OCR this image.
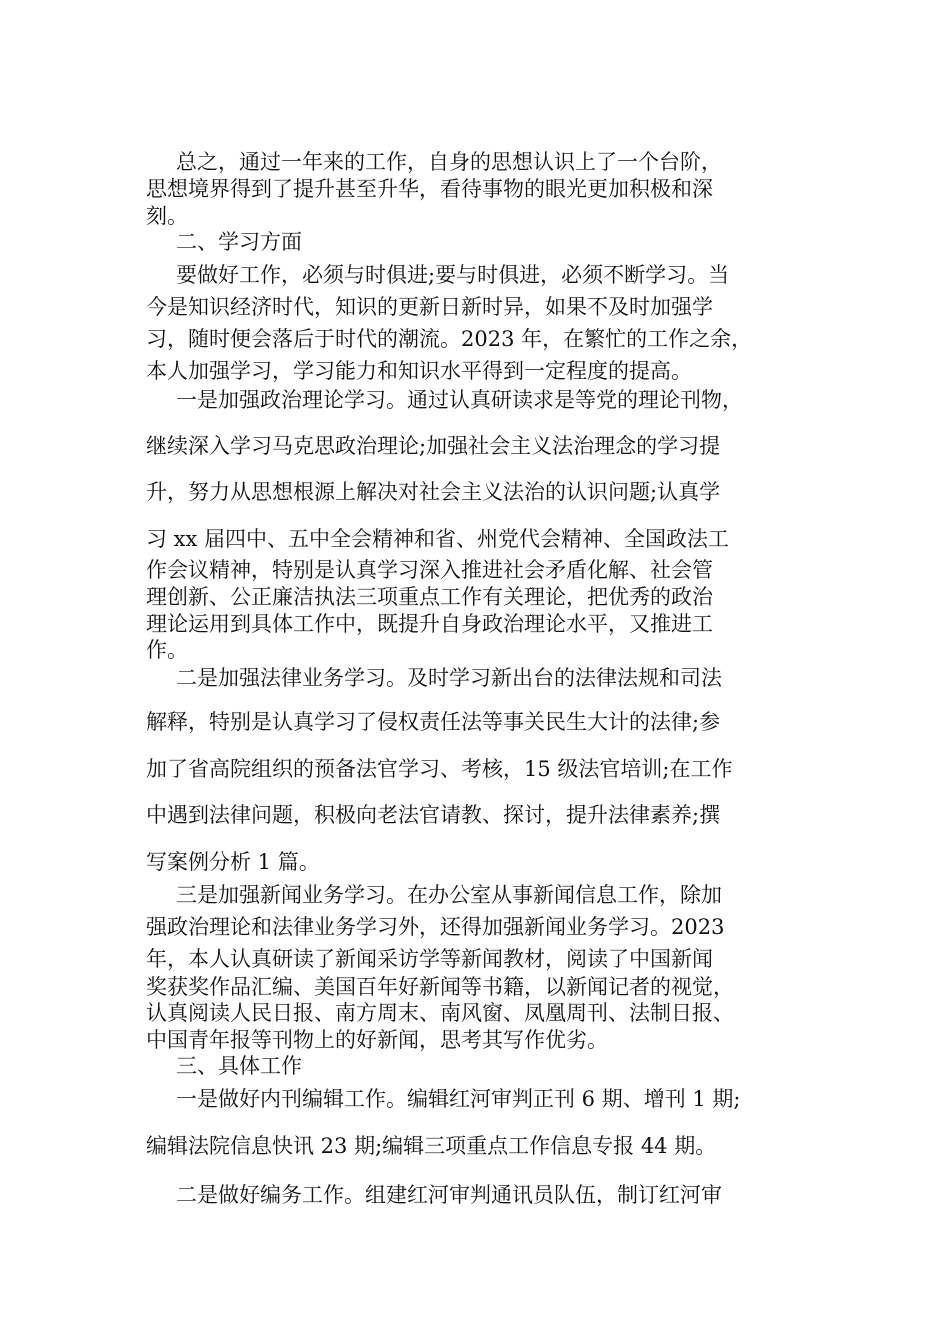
总之，通过一年来的工作，自身的思想认识上了一个台阶，

思想境界得到了提升甚至升华，看待事物的眼光更加积极和深

刻。

二、学习方面

要做好工作，必须与时俱进;要与时俱进，必须不断学习。当

今是知识经济时代，知识的更新日新时异，如果不及时加强学

习，随时便会落后于时代的潮流。2023 年，在繁忙的工作之余，

本人加强学习，学习能力和知识水平得到一定程度的提高。

一是加强政治理论学习。通过认真研读求是等党的理论刊物，

继续深入学习马克思政治理论;加强社会主义法治理念的学习提

升，努力从思想根源上解决对社会主义法治的认识问题;认真学

习 xx 届四中、五中全会精神和省、州党代会精神、全国政法工

作会议精神，特别是认真学习深入推进社会矛盾化解、社会管

理创新、公正廉洁执法三项重点工作有关理论，把优秀的政治

理论运用到具体工作中，既提升自身政治理论水平，又推进工

作。

二是加强法律业务学习。及时学习新出台的法律法规和司法

解释，特别是认真学习了侵权责任法等事关民生大计的法律;参

加了省高院组织的预备法官学习、考核，15 级法官培训;在工作

中遇到法律问题，积极向老法官请教、探讨，提升法律素养;撰

写案例分析 1 篇。

三是加强新闻业务学习。在办公室从事新闻信息工作，除加

强政治理论和法律业务学习外，还得加强新闻业务学习。2023

年，本人认真研读了新闻采访学等新闻教材，阅读了中国新闻

奖获奖作品汇编、美国百年好新闻等书籍，以新闻记者的视觉，

认真阅读人民日报、南方周末、南风窗、凤凰周刊、法制日报、

中国青年报等刊物上的好新闻，思考其写作优劣。

三、具体工作

一是做好内刊编辑工作。编辑红河审判正刊 6 期、增刊 1 期;

编辑法院信息快讯 23 期;编辑三项重点工作信息专报 44 期。

二是做好编务工作。组建红河审判通讯员队伍，制订红河审
